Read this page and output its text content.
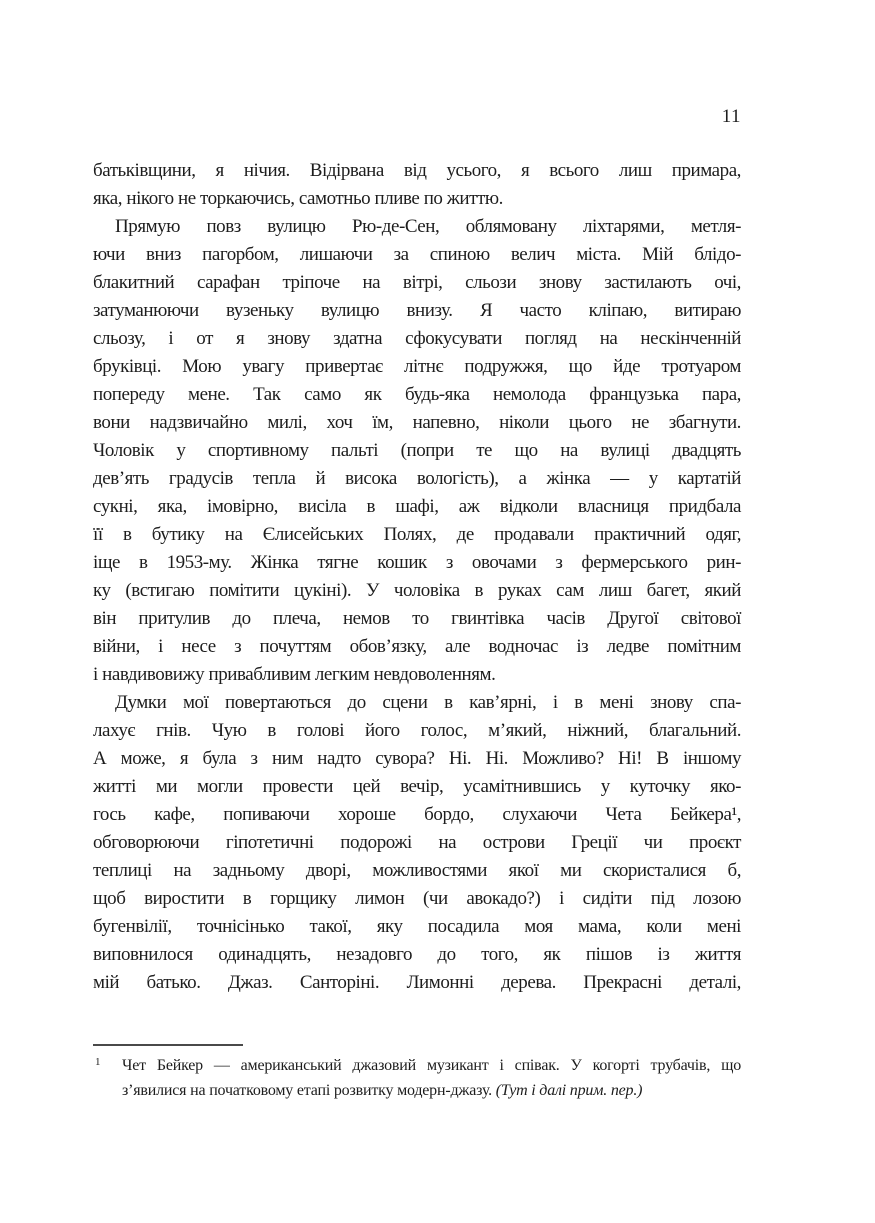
11
батьківщини, я нічия. Відірвана від усього, я всього лиш примара,
яка, нікого не торкаючись, самотньо пливе по життю.
Прямую повз вулицю Рю-де-Сен, облямовану ліхтарями, метля-
ючи вниз пагорбом, лишаючи за спиною велич міста. Мій блідо-
блакитний сарафан тріпоче на вітрі, сльози знову застилають очі,
затуманюючи вузеньку вулицю внизу. Я часто кліпаю, витираю
сльозу, і от я знову здатна сфокусувати погляд на нескінченній
бруківці. Мою увагу привертає літнє подружжя, що йде тротуаром
попереду мене. Так само як будь-яка немолода французька пара,
вони надзвичайно милі, хоч їм, напевно, ніколи цього не збагнути.
Чоловік у спортивному пальті (попри те що на вулиці двадцять
дев’ять градусів тепла й висока вологість), а жінка — у картатій
сукні, яка, імовірно, висіла в шафі, аж відколи власниця придбала
її в бутику на Єлисейських Полях, де продавали практичний одяг,
іще в 1953-му. Жінка тягне кошик з овочами з фермерського рин-
ку (встигаю помітити цукіні). У чоловіка в руках сам лиш багет, який
він притулив до плеча, немов то гвинтівка часів Другої світової
війни, і несе з почуттям обов’язку, але водночас із ледве помітним
і навдивовижу привабливим легким невдоволенням.
Думки мої повертаються до сцени в кав’ярні, і в мені знову спа-
лахує гнів. Чую в голові його голос, м’який, ніжний, благальний.
А може, я була з ним надто сувора? Ні. Ні. Можливо? Ні! В іншому
житті ми могли провести цей вечір, усамітнившись у куточку яко-
гось кафе, попиваючи хороше бордо, слухаючи Чета Бейкера¹,
обговорюючи гіпотетичні подорожі на острови Греції чи проєкт
теплиці на задньому дворі, можливостями якої ми скористалися б,
щоб виростити в горщику лимон (чи авокадо?) і сидіти під лозою
бугенвілії, точнісінько такої, яку посадила моя мама, коли мені
виповнилося одинадцять, незадовго до того, як пішов із життя
мій батько. Джаз. Санторіні. Лимонні дерева. Прекрасні деталі,
1 Чет Бейкер — американський джазовий музикант і співак. У когорті трубачів, що
з’явилися на початковому етапі розвитку модерн-джазу. (Тут і далі прим. пер.)
